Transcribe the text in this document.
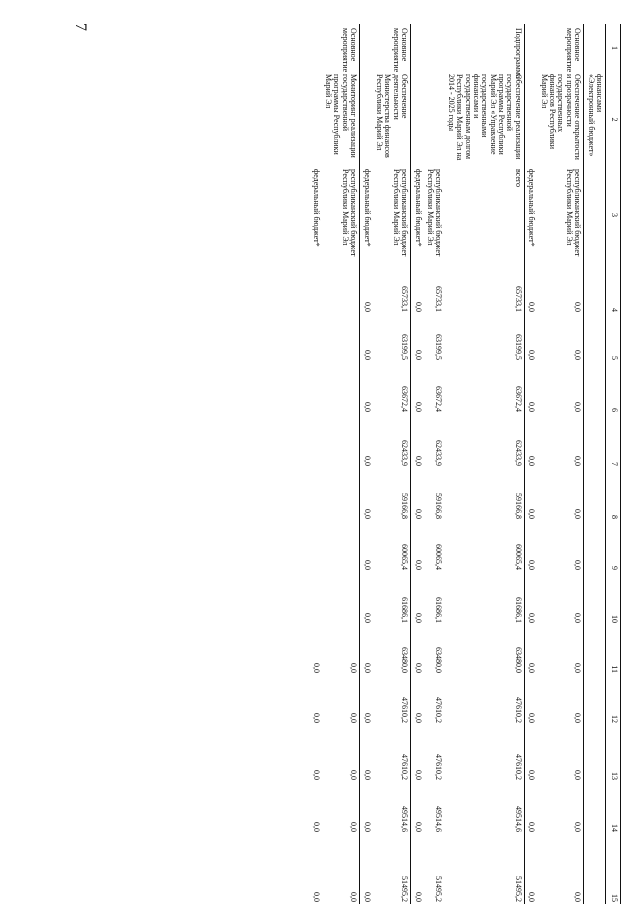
7
1	2	3	4	5	6	7	8	9	10	11	12	13	14	15
	финансами «Электронный бюджет»													
Основное мероприятие	Обеспечение открытости и прозрачности государственных финансов Республики Марий Эл	республиканский бюджет Республики Марий Эл	0,0	0,0	0,0	0,0	0,0	0,0	0,0	0,0	0,0	0,0	0,0	0,0
		федеральный бюджет*	0,0	0,0	0,0	0,0	0,0	0,0	0,0	0,0	0,0	0,0	0,0	0,0
Подпрограмма	Обеспечение реализации государственной программы Республики Марий Эл «Управление государственными финансами и государственным долгом Республики Марий Эл на 2014 - 2025 годы	всего	65733,1	63199,5	63672,4	62433,9	59166,8	60065,4	61686,1	63480,0	47610,2	47610,2	49514,6	51495,2
		республиканский бюджет Республики Марий Эл	65733,1	63199,5	63672,4	62433,9	59166,8	60065,4	61686,1	63480,0	47610,2	47610,2	49514,6	51495,2
		федеральный бюджет*	0,0	0,0	0,0	0,0	0,0	0,0	0,0	0,0	0,0	0,0	0,0	0,0
Основное мероприятие	Обеспечение деятельности Министерства финансов Республики Марий Эл	республиканский бюджет Республики Марий Эл	65733,1	63199,5	63672,4	62433,9	59166,8	60065,4	61686,1	63480,0	47610,2	47610,2	49514,6	51495,2
		федеральный бюджет*	0,0	0,0	0,0	0,0	0,0	0,0	0,0	0,0	0,0	0,0	0,0	0,0
Основное мероприятие	Мониторинг реализации государственной программы Республики Марий Эл	республиканский бюджет Республики Марий Эл								0,0	0,0	0,0	0,0	0,0
		федеральный бюджет*								0,0	0,0	0,0	0,0	0,0
